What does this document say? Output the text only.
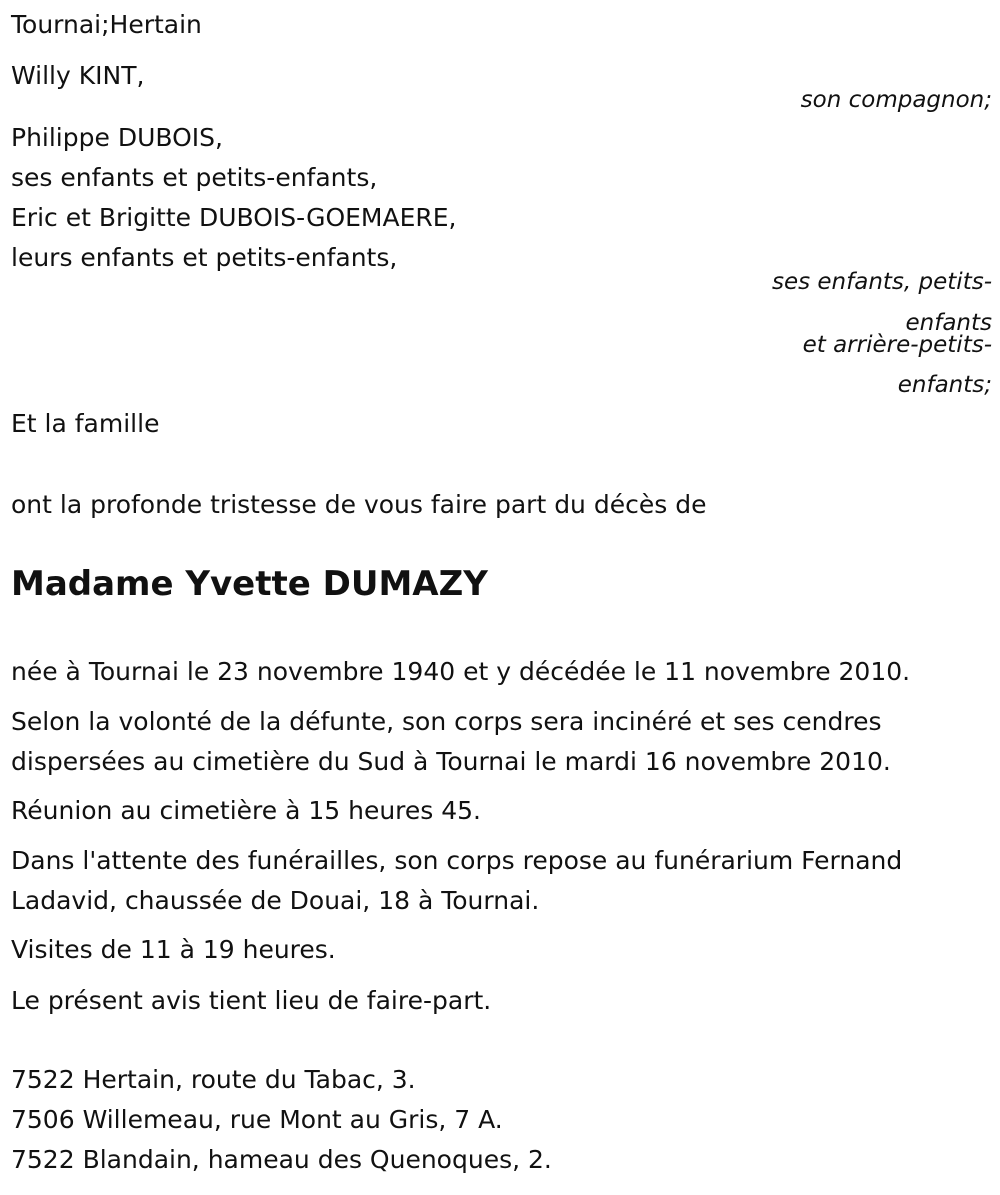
Tournai;Hertain
Willy KINT,
son compagnon;
Philippe DUBOIS,
ses enfants et petits-enfants,
Eric et Brigitte DUBOIS-GOEMAERE,
leurs enfants et petits-enfants,
ses enfants, petits-
enfants
et arrière-petits-
enfants;
Et la famille
ont la profonde tristesse de vous faire part du décès de
Madame Yvette DUMAZY
née à Tournai le 23 novembre 1940 et y décédée le 11 novembre 2010.
Selon la volonté de la défunte, son corps sera incinéré et ses cendres
dispersées au cimetière du Sud à Tournai le mardi 16 novembre 2010.
Réunion au cimetière à 15 heures 45.
Dans l'attente des funérailles, son corps repose au funérarium Fernand
Ladavid, chaussée de Douai, 18 à Tournai.
Visites de 11 à 19 heures.
Le présent avis tient lieu de faire-part.
7522 Hertain, route du Tabac, 3.
7506 Willemeau, rue Mont au Gris, 7 A.
7522 Blandain, hameau des Quenoques, 2.
